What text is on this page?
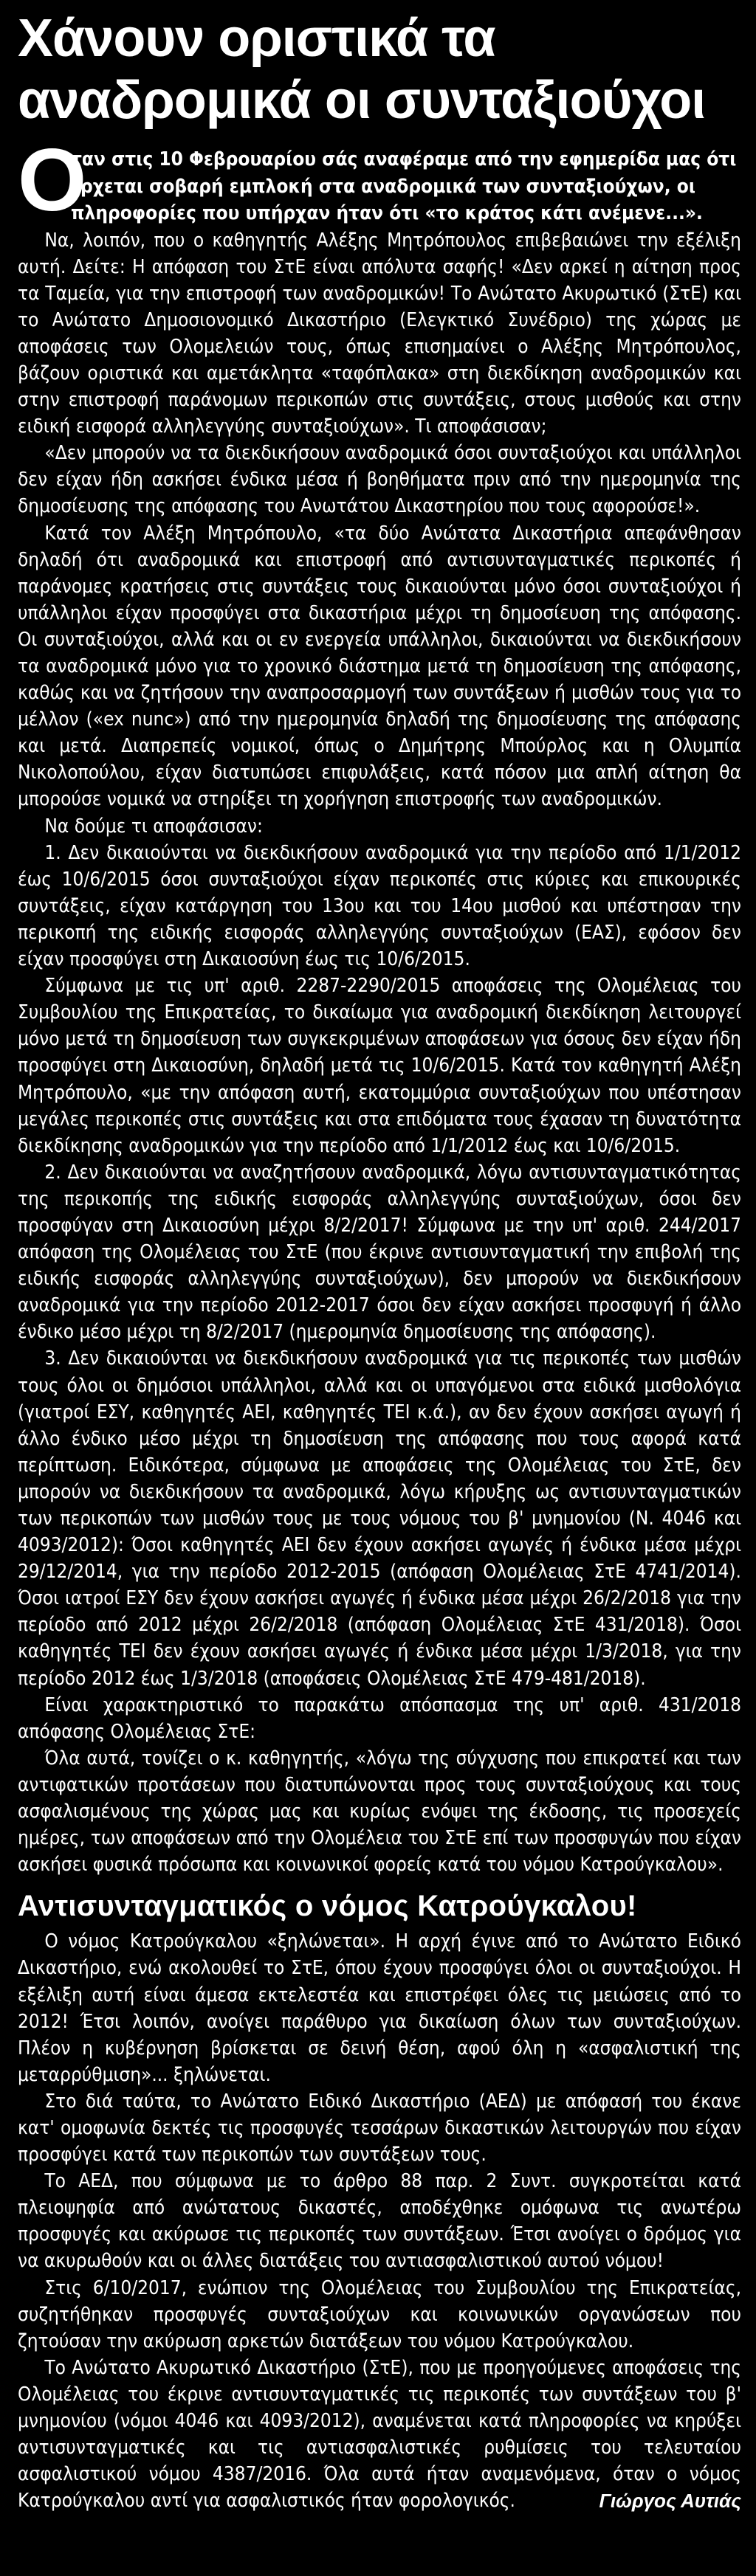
Χάνουν οριστικά τα αναδρομικά οι συνταξιούχοι
Ο
ταν στις 10 Φεβρουαρίου σάς αναφέραμε από την εφημερίδα μας ότι έρχεται σοβαρή εμπλοκή στα αναδρομικά των συνταξιούχων, οι πληροφορίες που υπήρχαν ήταν ότι «το κράτος κάτι ανέμενε...».

Να, λοιπόν, που ο καθηγητής Αλέξης Μητρόπουλος επιβεβαιώνει την εξέλιξη αυτή. Δείτε: Η απόφαση του ΣτΕ είναι απόλυτα σαφής! «Δεν αρκεί η αίτηση προς τα Ταμεία, για την επιστροφή των αναδρομικών! Το Ανώτατο Ακυρωτικό (ΣτΕ) και το Ανώτατο Δημοσιονομικό Δικαστήριο (Ελεγκτικό Συνέδριο) της χώρας με αποφάσεις των Ολομελειών τους, όπως επισημαίνει ο Αλέξης Μητρόπουλος, βάζουν οριστικά και αμετάκλητα «ταφόπλακα» στη διεκδίκηση αναδρομικών και στην επιστροφή παράνομων περικοπών στις συντάξεις, στους μισθούς και στην ειδική εισφορά αλληλεγγύης συνταξιούχων». Τι αποφάσισαν;

«Δεν μπορούν να τα διεκδικήσουν αναδρομικά όσοι συνταξιούχοι και υπάλληλοι δεν είχαν ήδη ασκήσει ένδικα μέσα ή βοηθήματα πριν από την ημερομηνία της δημοσίευσης της απόφασης του Ανωτάτου Δικαστηρίου που τους αφορούσε!».

Κατά τον Αλέξη Μητρόπουλο, «τα δύο Ανώτατα Δικαστήρια απεφάνθησαν δηλαδή ότι αναδρομικά και επιστροφή από αντισυνταγματικές περικοπές ή παράνομες κρατήσεις στις συντάξεις τους δικαιούνται μόνο όσοι συνταξιούχοι ή υπάλληλοι είχαν προσφύγει στα δικαστήρια μέχρι τη δημοσίευση της απόφασης. Οι συνταξιούχοι, αλλά και οι εν ενεργεία υπάλληλοι, δικαιούνται να διεκδικήσουν τα αναδρομικά μόνο για το χρονικό διάστημα μετά τη δημοσίευση της απόφασης, καθώς και να ζητήσουν την αναπροσαρμογή των συντάξεων ή μισθών τους για το μέλλον («ex nunc») από την ημερομηνία δηλαδή της δημοσίευσης της απόφασης και μετά. Διαπρεπείς νομικοί, όπως ο Δημήτρης Μπούρλος και η Ολυμπία Νικολοπούλου, είχαν διατυπώσει επιφυλάξεις, κατά πόσον μια απλή αίτηση θα μπορούσε νομικά να στηρίξει τη χορήγηση επιστροφής των αναδρομικών.

Να δούμε τι αποφάσισαν:

1. Δεν δικαιούνται να διεκδικήσουν αναδρομικά για την περίοδο από 1/1/2012 έως 10/6/2015 όσοι συνταξιούχοι είχαν περικοπές στις κύριες και επικουρικές συντάξεις, είχαν κατάργηση του 13ου και του 14ου μισθού και υπέστησαν την περικοπή της ειδικής εισφοράς αλληλεγγύης συνταξιούχων (ΕΑΣ), εφόσον δεν είχαν προσφύγει στη Δικαιοσύνη έως τις 10/6/2015.

Σύμφωνα με τις υπ' αριθ. 2287-2290/2015 αποφάσεις της Ολομέλειας του Συμβουλίου της Επικρατείας, το δικαίωμα για αναδρομική διεκδίκηση λειτουργεί μόνο μετά τη δημοσίευση των συγκεκριμένων αποφάσεων για όσους δεν είχαν ήδη προσφύγει στη Δικαιοσύνη, δηλαδή μετά τις 10/6/2015. Κατά τον καθηγητή Αλέξη Μητρόπουλο, «με την απόφαση αυτή, εκατομμύρια συνταξιούχων που υπέστησαν μεγάλες περικοπές στις συντάξεις και στα επιδόματα τους έχασαν τη δυνατότητα διεκδίκησης αναδρομικών για την περίοδο από 1/1/2012 έως και 10/6/2015.

2. Δεν δικαιούνται να αναζητήσουν αναδρομικά, λόγω αντισυνταγματικότητας της περικοπής της ειδικής εισφοράς αλληλεγγύης συνταξιούχων, όσοι δεν προσφύγαν στη Δικαιοσύνη μέχρι 8/2/2017! Σύμφωνα με την υπ' αριθ. 244/2017 απόφαση της Ολομέλειας του ΣτΕ (που έκρινε αντισυνταγματική την επιβολή της ειδικής εισφοράς αλληλεγγύης συνταξιούχων), δεν μπορούν να διεκδικήσουν αναδρομικά για την περίοδο 2012-2017 όσοι δεν είχαν ασκήσει προσφυγή ή άλλο ένδικο μέσο μέχρι τη 8/2/2017 (ημερομηνία δημοσίευσης της απόφασης).

3. Δεν δικαιούνται να διεκδικήσουν αναδρομικά για τις περικοπές των μισθών τους όλοι οι δημόσιοι υπάλληλοι, αλλά και οι υπαγόμενοι στα ειδικά μισθολόγια (γιατροί ΕΣΥ, καθηγητές ΑΕΙ, καθηγητές ΤΕΙ κ.ά.), αν δεν έχουν ασκήσει αγωγή ή άλλο ένδικο μέσο μέχρι τη δημοσίευση της απόφασης που τους αφορά κατά περίπτωση. Ειδικότερα, σύμφωνα με αποφάσεις της Ολομέλειας του ΣτΕ, δεν μπορούν να διεκδικήσουν τα αναδρομικά, λόγω κήρυξης ως αντισυνταγματικών των περικοπών των μισθών τους με τους νόμους του β' μνημονίου (Ν. 4046 και 4093/2012): Όσοι καθηγητές ΑΕΙ δεν έχουν ασκήσει αγωγές ή ένδικα μέσα μέχρι 29/12/2014, για την περίοδο 2012-2015 (απόφαση Ολομέλειας ΣτΕ 4741/2014). Όσοι ιατροί ΕΣΥ δεν έχουν ασκήσει αγωγές ή ένδικα μέσα μέχρι 26/2/2018 για την περίοδο από 2012 μέχρι 26/2/2018 (απόφαση Ολομέλειας ΣτΕ 431/2018). Όσοι καθηγητές ΤΕΙ δεν έχουν ασκήσει αγωγές ή ένδικα μέσα μέχρι 1/3/2018, για την περίοδο 2012 έως 1/3/2018 (αποφάσεις Ολομέλειας ΣτΕ 479-481/2018).

Είναι χαρακτηριστικό το παρακάτω απόσπασμα της υπ' αριθ. 431/2018 απόφασης Ολομέλειας ΣτΕ:

Όλα αυτά, τονίζει ο κ. καθηγητής, «λόγω της σύγχυσης που επικρατεί και των αντιφατικών προτάσεων που διατυπώνονται προς τους συνταξιούχους και τους ασφαλισμένους της χώρας μας και κυρίως ενόψει της έκδοσης, τις προσεχείς ημέρες, των αποφάσεων από την Ολομέλεια του ΣτΕ επί των προσφυγών που είχαν ασκήσει φυσικά πρόσωπα και κοινωνικοί φορείς κατά του νόμου Κατρούγκαλου».

Αντισυνταγματικός ο νόμος Κατρούγκαλου!

Ο νόμος Κατρούγκαλου «ξηλώνεται». Η αρχή έγινε από το Ανώτατο Ειδικό Δικαστήριο, ενώ ακολουθεί το ΣτΕ, όπου έχουν προσφύγει όλοι οι συνταξιούχοι. Η εξέλιξη αυτή είναι άμεσα εκτελεστέα και επιστρέφει όλες τις μειώσεις από το 2012! Έτσι λοιπόν, ανοίγει παράθυρο για δικαίωση όλων των συνταξιούχων. Πλέον η κυβέρνηση βρίσκεται σε δεινή θέση, αφού όλη η «ασφαλιστική της μεταρρύθμιση»... ξηλώνεται.

Στο διά ταύτα, το Ανώτατο Ειδικό Δικαστήριο (ΑΕΔ) με απόφασή του έκανε κατ' ομοφωνία δεκτές τις προσφυγές τεσσάρων δικαστικών λειτουργών που είχαν προσφύγει κατά των περικοπών των συντάξεων τους.

Το ΑΕΔ, που σύμφωνα με το άρθρο 88 παρ. 2 Συντ. συγκροτείται κατά πλειοψηφία από ανώτατους δικαστές, αποδέχθηκε ομόφωνα τις ανωτέρω προσφυγές και ακύρωσε τις περικοπές των συντάξεων. Έτσι ανοίγει ο δρόμος για να ακυρωθούν και οι άλλες διατάξεις του αντιασφαλιστικού αυτού νόμου!

Στις 6/10/2017, ενώπιον της Ολομέλειας του Συμβουλίου της Επικρατείας, συζητήθηκαν προσφυγές συνταξιούχων και κοινωνικών οργανώσεων που ζητούσαν την ακύρωση αρκετών διατάξεων του νόμου Κατρούγκαλου.

Το Ανώτατο Ακυρωτικό Δικαστήριο (ΣτΕ), που με προηγούμενες αποφάσεις της Ολομέλειας του έκρινε αντισυνταγματικές τις περικοπές των συντάξεων του β' μνημονίου (νόμοι 4046 και 4093/2012), αναμένεται κατά πληροφορίες να κηρύξει αντισυνταγματικές και τις αντιασφαλιστικές ρυθμίσεις του τελευταίου ασφαλιστικού νόμου 4387/2016. Όλα αυτά ήταν αναμενόμενα, όταν ο νόμος Κατρούγκαλου αντί για ασφαλιστικός ήταν φορολογικός.	Γιώργος Αυτιάς
